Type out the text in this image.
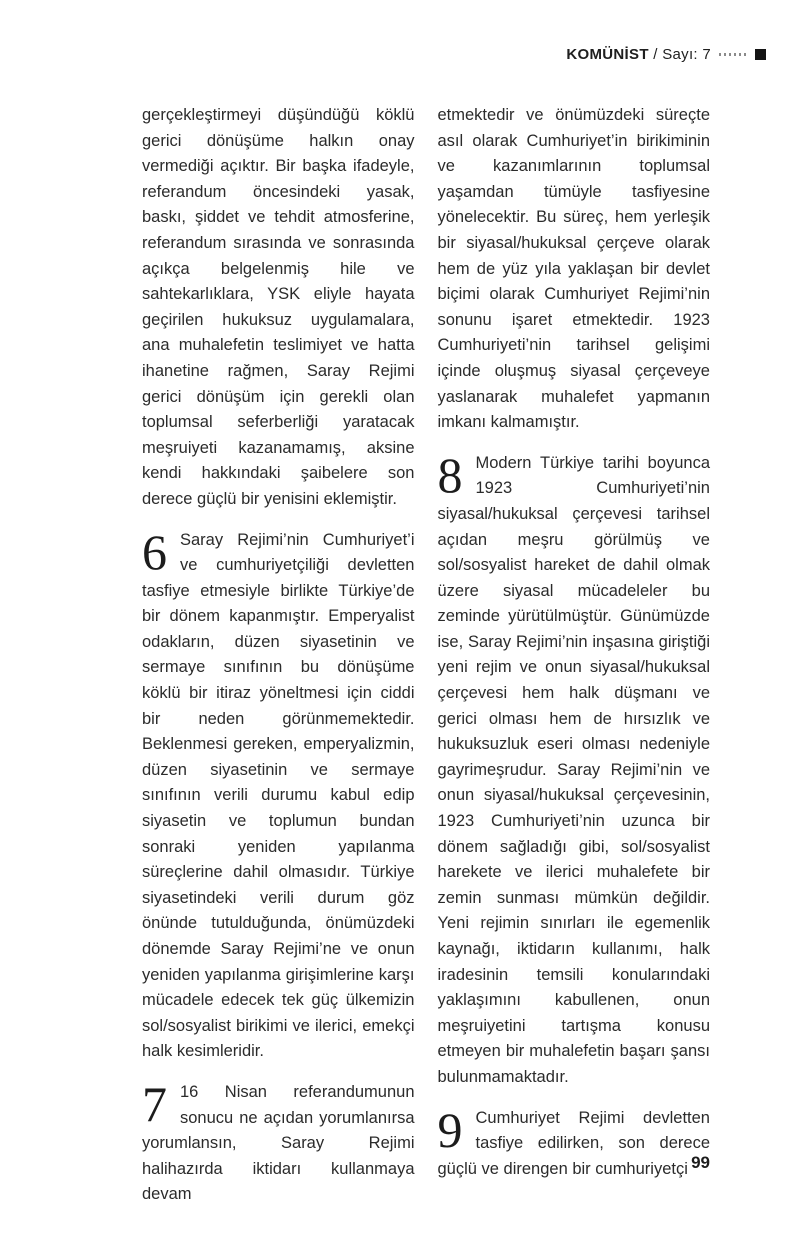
KOMÜNİST / Sayı: 7

gerçekleştirmeyi düşündüğü köklü gerici dönüşüme halkın onay vermediği açıktır. Bir başka ifadeyle, referandum öncesindeki yasak, baskı, şiddet ve tehdit atmosferine, referandum sırasında ve sonrasında açıkça belgelenmiş hile ve sahtekarlıklara, YSK eliyle hayata geçirilen hukuksuz uygulamalara, ana muhalefetin teslimiyet ve hatta ihanetine rağmen, Saray Rejimi gerici dönüşüm için gerekli olan toplumsal seferberliği yaratacak meşruiyeti kazanamamış, aksine kendi hakkındaki şaibelere son derece güçlü bir yenisini eklemiştir.

6 Saray Rejimi’nin Cumhuriyet’i ve cumhuriyetçiliği devletten tasfiye etmesiyle birlikte Türkiye’de bir dönem kapanmıştır. Emperyalist odakların, düzen siyasetinin ve sermaye sınıfının bu dönüşüme köklü bir itiraz yöneltmesi için ciddi bir neden görünmemektedir. Beklenmesi gereken, emperyalizmin, düzen siyasetinin ve sermaye sınıfının verili durumu kabul edip siyasetin ve toplumun bundan sonraki yeniden yapılanma süreçlerine dahil olmasıdır. Türkiye siyasetindeki verili durum göz önünde tutulduğunda, önümüzdeki dönemde Saray Rejimi’ne ve onun yeniden yapılanma girişimlerine karşı mücadele edecek tek güç ülkemizin sol/sosyalist birikimi ve ilerici, emekçi halk kesimleridir.

7 16 Nisan referandumunun sonucu ne açıdan yorumlanırsa yorumlansın, Saray Rejimi halihazırda iktidarı kullanmaya devam

etmektedir ve önümüzdeki süreçte asıl olarak Cumhuriyet’in birikiminin ve kazanımlarının toplumsal yaşamdan tümüyle tasfiyesine yönelecektir. Bu süreç, hem yerleşik bir siyasal/hukuksal çerçeve olarak hem de yüz yıla yaklaşan bir devlet biçimi olarak Cumhuriyet Rejimi’nin sonunu işaret etmektedir. 1923 Cumhuriyeti’nin tarihsel gelişimi içinde oluşmuş siyasal çerçeveye yaslanarak muhalefet yapmanın imkanı kalmamıştır.

8 Modern Türkiye tarihi boyunca 1923 Cumhuriyeti’nin siyasal/hukuksal çerçevesi tarihsel açıdan meşru görülmüş ve sol/sosyalist hareket de dahil olmak üzere siyasal mücadeleler bu zeminde yürütülmüştür. Günümüzde ise, Saray Rejimi’nin inşasına giriştiği yeni rejim ve onun siyasal/hukuksal çerçevesi hem halk düşmanı ve gerici olması hem de hırsızlık ve hukuksuzluk eseri olması nedeniyle gayrimeşrudur. Saray Rejimi’nin ve onun siyasal/hukuksal çerçevesinin, 1923 Cumhuriyeti’nin uzunca bir dönem sağladığı gibi, sol/sosyalist harekete ve ilerici muhalefete bir zemin sunması mümkün değildir. Yeni rejimin sınırları ile egemenlik kaynağı, iktidarın kullanımı, halk iradesinin temsili konularındaki yaklaşımını kabullenen, onun meşruiyetini tartışma konusu etmeyen bir muhalefetin başarı şansı bulunmamaktadır.

9 Cumhuriyet Rejimi devletten tasfiye edilirken, son derece güçlü ve direngen bir cumhuriyetçi 99
